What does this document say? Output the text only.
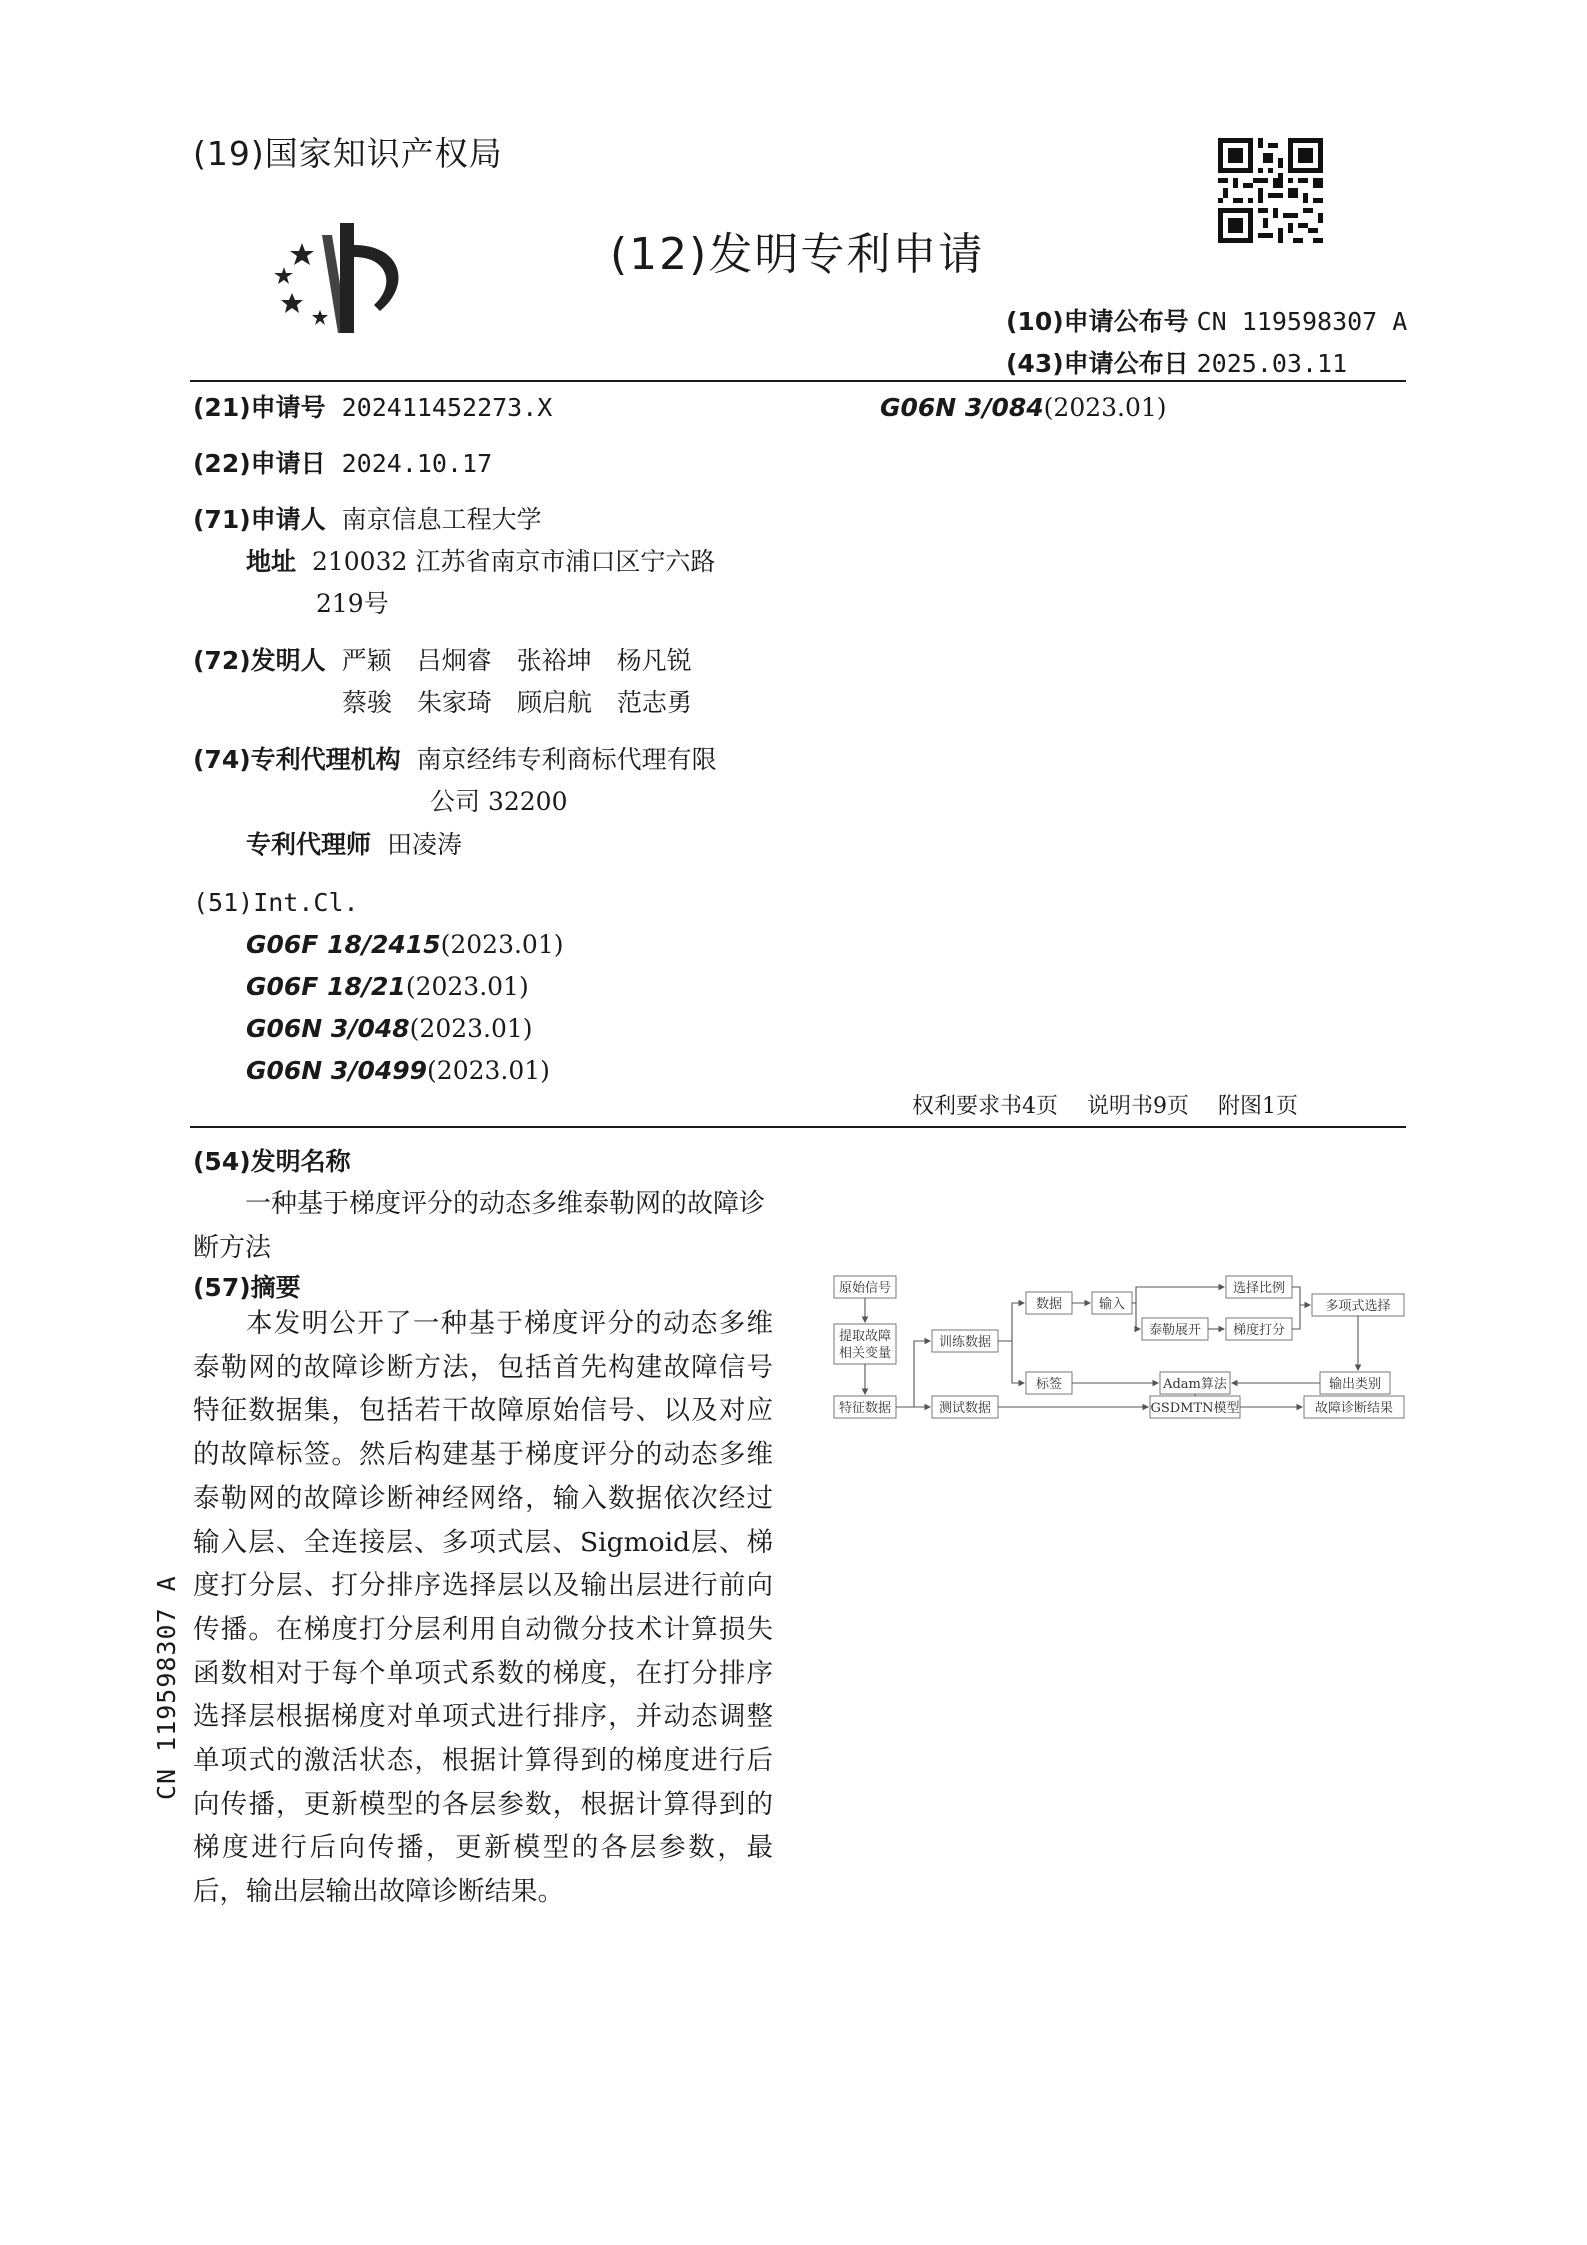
(19)国家知识产权局
(12)发明专利申请
(10)申请公布号 CN 119598307 A
(43)申请公布日 2025.03.11
(21)申请号 202411452273.X	G06N 3/084(2023.01)
(22)申请日 2024.10.17
(71)申请人 南京信息工程大学
地址 210032 江苏省南京市浦口区宁六路
219号
(72)发明人 严颖　吕炯睿　张裕坤　杨凡锐
蔡骏　朱家琦　顾启航　范志勇
(74)专利代理机构 南京经纬专利商标代理有限
公司 32200
专利代理师 田凌涛
(51)Int.Cl.
G06F 18/2415(2023.01)
G06F 18/21(2023.01)
G06N 3/048(2023.01)
G06N 3/0499(2023.01)
权利要求书4页 说明书9页 附图1页
(54)发明名称
一种基于梯度评分的动态多维泰勒网的故障诊断方法
(57)摘要
本发明公开了一种基于梯度评分的动态多维泰勒网的故障诊断方法，包括首先构建故障信号特征数据集，包括若干故障原始信号、以及对应的故障标签。然后构建基于梯度评分的动态多维泰勒网的故障诊断神经网络，输入数据依次经过输入层、全连接层、多项式层、Sigmoid层、梯度打分层、打分排序选择层以及输出层进行前向传播。在梯度打分层利用自动微分技术计算损失函数相对于每个单项式系数的梯度，在打分排序选择层根据梯度对单项式进行排序，并动态调整单项式的激活状态，根据计算得到的梯度进行后向传播，更新模型的各层参数，根据计算得到的梯度进行后向传播，更新模型的各层参数，最后，输出层输出故障诊断结果。
CN 119598307 A
原始信号
提取故障
相关变量
特征数据
训练数据
测试数据
数据
标签
输入
泰勒展开 梯度打分
选择比例
多项式选择
Adam算法	输出类别
GSDMTN模型	故障诊断结果
